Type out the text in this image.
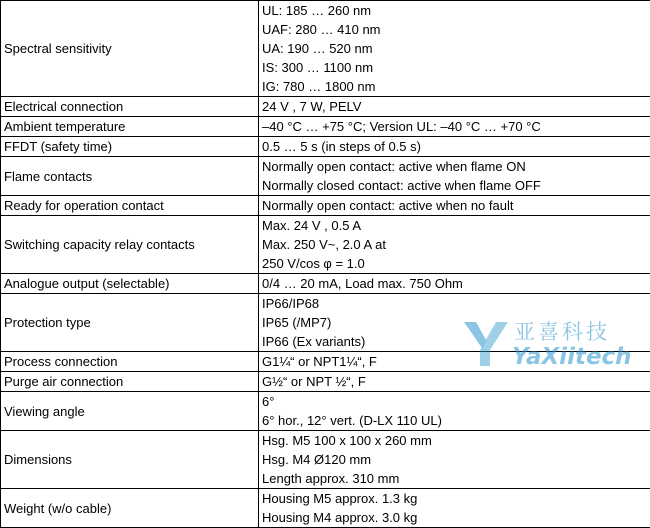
Spectral sensitivity	UL: 185 … 260 nm
UAF: 280 … 410 nm
UA: 190 … 520 nm
IS: 300 … 1100 nm
IG: 780 … 1800 nm

Electrical connection	24 V , 7 W, PELV

Ambient temperature	–40 °C … +75 °C; Version UL: –40 °C … +70 °C

FFDT (safety time)	0.5 … 5 s (in steps of 0.5 s)

Flame contacts	Normally open contact: active when flame ON
Normally closed contact: active when flame OFF

Ready for operation contact	Normally open contact: active when no fault

Switching capacity relay contacts	Max. 24 V , 0.5 A
Max. 250 V~, 2.0 A at
250 V/cos φ = 1.0

Analogue output (selectable)	0/4 … 20 mA, Load max. 750 Ohm

Protection type	IP66/IP68
IP65 (/MP7)
IP66 (Ex variants)

Process connection	G1¼“ or NPT1¼“, F

Purge air connection	G½“ or NPT ½“, F

Viewing angle	6°
6° hor., 12° vert. (D-LX 110 UL)

Dimensions	Hsg. M5 100 x 100 x 260 mm
Hsg. M4 Ø120 mm
Length approx. 310 mm

Weight (w/o cable)	Housing M5 approx. 1.3 kg
Housing M4 approx. 3.0 kg
亚喜科技
YaXiitech
